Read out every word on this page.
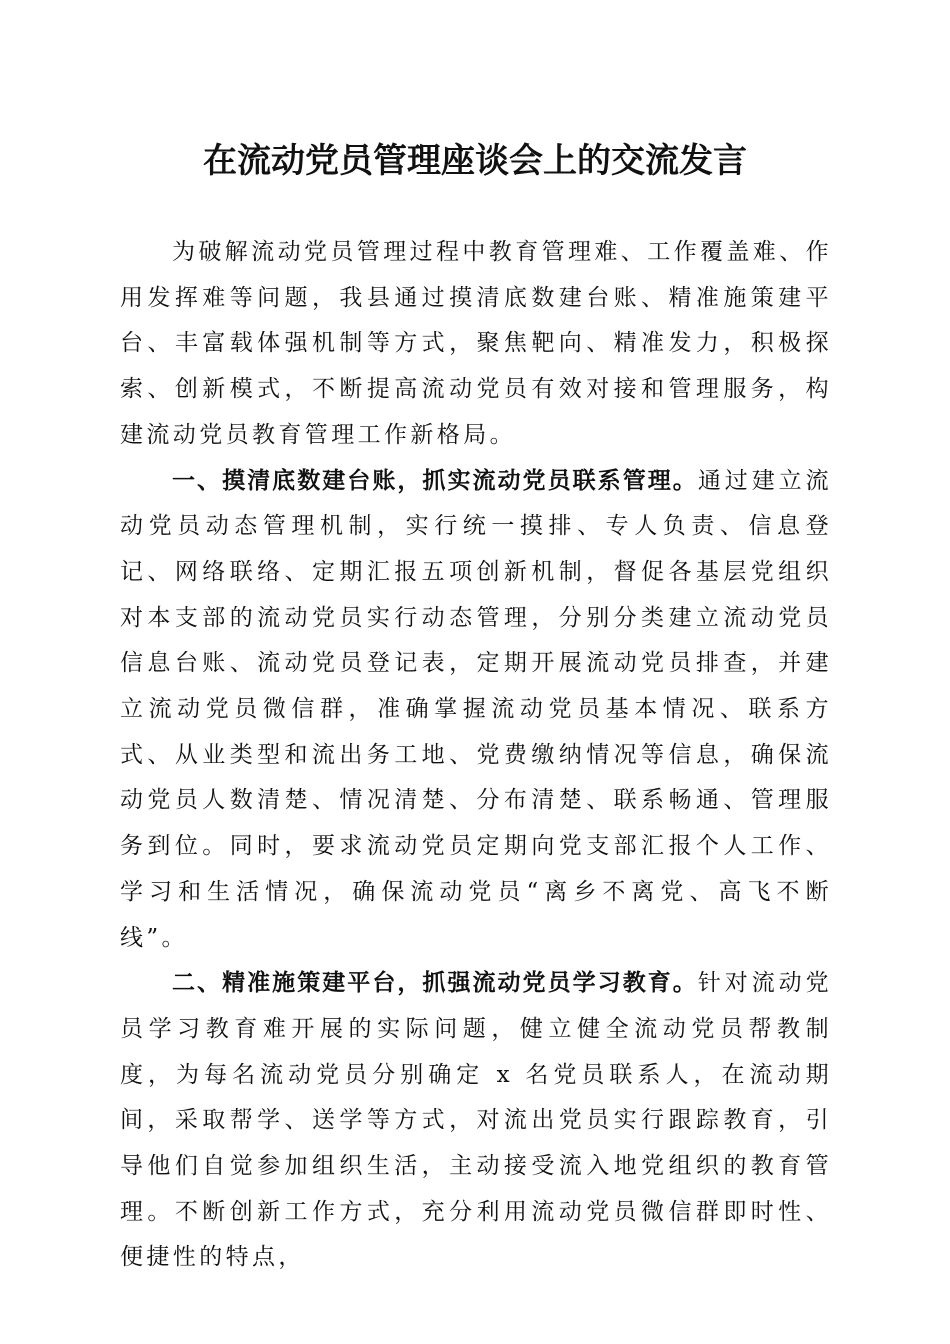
在流动党员管理座谈会上的交流发言

为破解流动党员管理过程中教育管理难、工作覆盖难、作用发挥难等问题，我县通过摸清底数建台账、精准施策建平台、丰富载体强机制等方式，聚焦靶向、精准发力，积极探索、创新模式，不断提高流动党员有效对接和管理服务，构建流动党员教育管理工作新格局。

一、摸清底数建台账，抓实流动党员联系管理。通过建立流动党员动态管理机制，实行统一摸排、专人负责、信息登记、网络联络、定期汇报五项创新机制，督促各基层党组织对本支部的流动党员实行动态管理，分别分类建立流动党员信息台账、流动党员登记表，定期开展流动党员排查，并建立流动党员微信群，准确掌握流动党员基本情况、联系方式、从业类型和流出务工地、党费缴纳情况等信息，确保流动党员人数清楚、情况清楚、分布清楚、联系畅通、管理服务到位。同时，要求流动党员定期向党支部汇报个人工作、学习和生活情况，确保流动党员“离乡不离党、高飞不断线”。

二、精准施策建平台，抓强流动党员学习教育。针对流动党员学习教育难开展的实际问题，健立健全流动党员帮教制度，为每名流动党员分别确定 x 名党员联系人，在流动期间，采取帮学、送学等方式，对流出党员实行跟踪教育，引导他们自觉参加组织生活，主动接受流入地党组织的教育管理。不断创新工作方式，充分利用流动党员微信群即时性、便捷性的特点，
